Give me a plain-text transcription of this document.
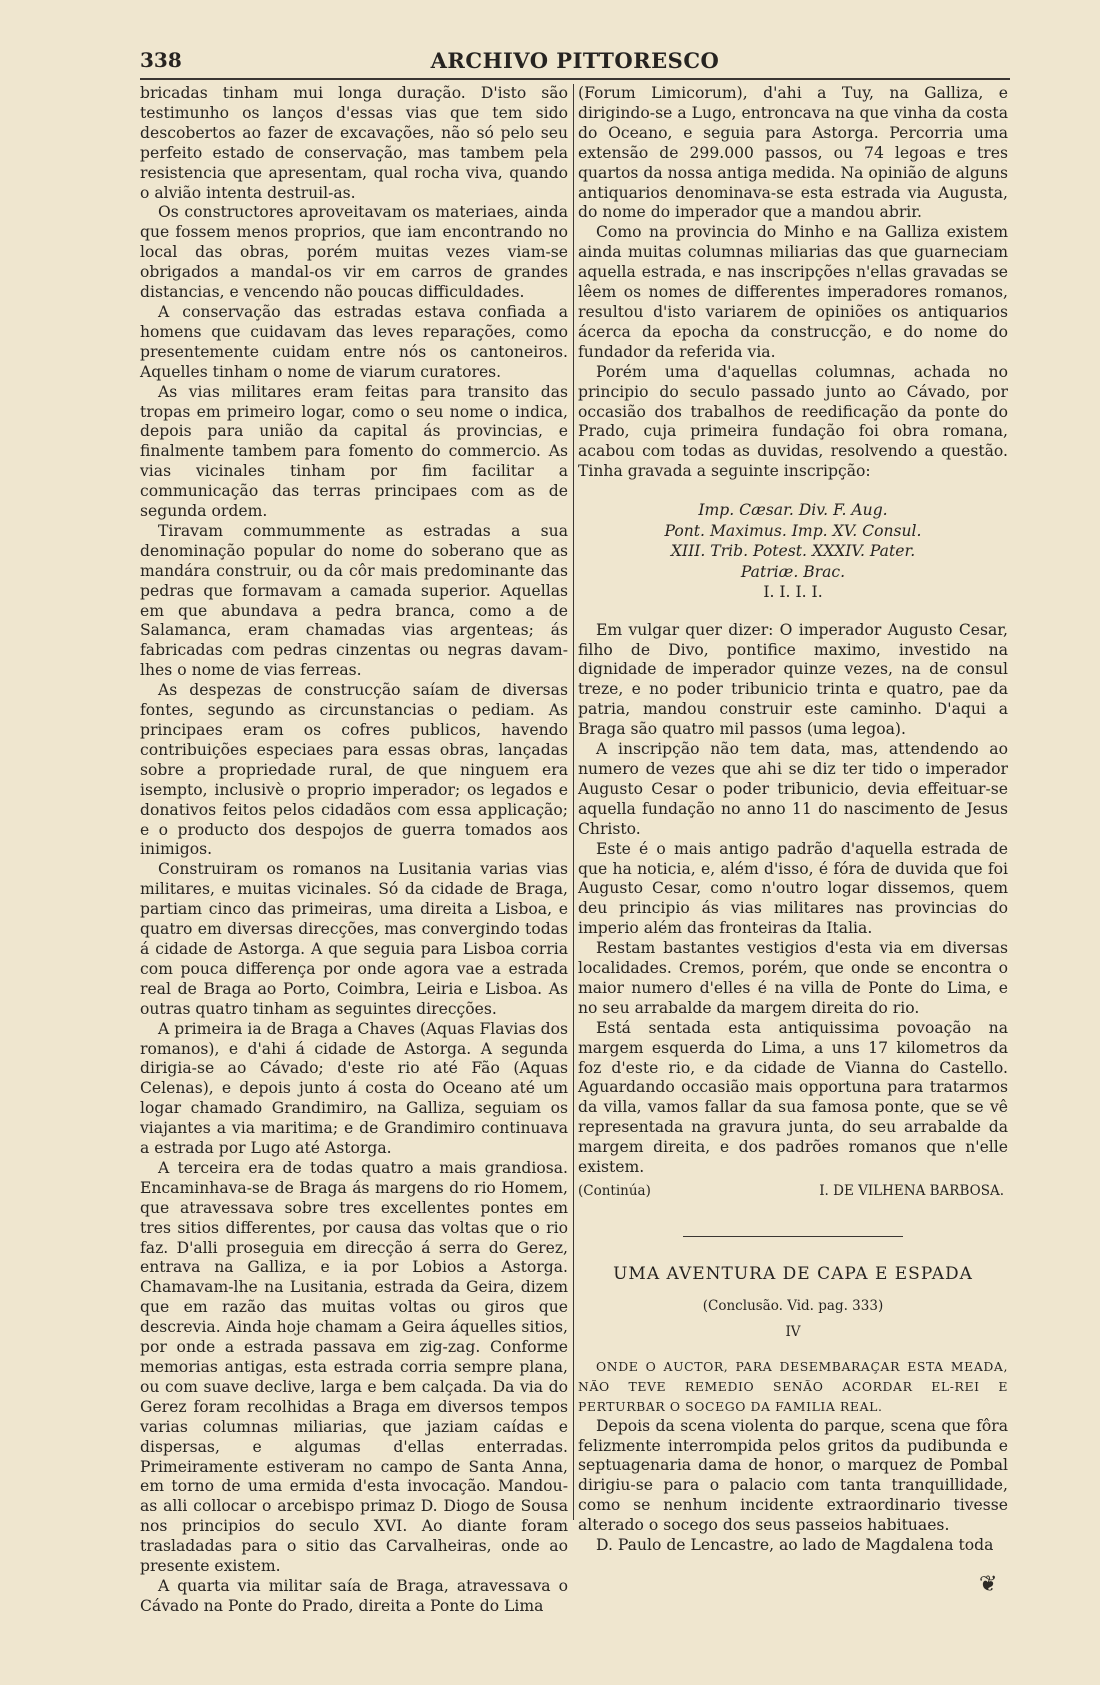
ARCHIVO PITTORESCO
338

bricadas tinham mui longa duração. D'isto são testimunho os lanços d'essas vias que tem sido descobertos ao fazer de excavações, não só pelo seu perfeito estado de conservação, mas tambem pela resistencia que apresentam, qual rocha viva, quando o alvião intenta destruil-as.

Os constructores aproveitavam os materiaes, ainda que fossem menos proprios, que iam encontrando no local das obras, porém muitas vezes viam-se obrigados a mandal-os vir em carros de grandes distancias, e vencendo não poucas difficuldades.

A conservação das estradas estava confiada a homens que cuidavam das leves reparações, como presentemente cuidam entre nós os cantoneiros. Aquelles tinham o nome de viarum curatores.

As vias militares eram feitas para transito das tropas em primeiro logar, como o seu nome o indica, depois para união da capital ás provincias, e finalmente tambem para fomento do commercio. As vias vicinales tinham por fim facilitar a communicação das terras principaes com as de segunda ordem.

Tiravam commummente as estradas a sua denominação popular do nome do soberano que as mandára construir, ou da côr mais predominante das pedras que formavam a camada superior. Aquellas em que abundava a pedra branca, como a de Salamanca, eram chamadas vias argenteas; ás fabricadas com pedras cinzentas ou negras davam-lhes o nome de vias ferreas.

As despezas de construcção saíam de diversas fontes, segundo as circunstancias o pediam. As principaes eram os cofres publicos, havendo contribuições especiaes para essas obras, lançadas sobre a propriedade rural, de que ninguem era isempto, inclusivè o proprio imperador; os legados e donativos feitos pelos cidadãos com essa applicação; e o producto dos despojos de guerra tomados aos inimigos.

Construiram os romanos na Lusitania varias vias militares, e muitas vicinales. Só da cidade de Braga, partiam cinco das primeiras, uma direita a Lisboa, e quatro em diversas direcções, mas convergindo todas á cidade de Astorga. A que seguia para Lisboa corria com pouca differença por onde agora vae a estrada real de Braga ao Porto, Coimbra, Leiria e Lisboa. As outras quatro tinham as seguintes direcções.

A primeira ia de Braga a Chaves (Aquas Flavias dos romanos), e d'ahi á cidade de Astorga. A segunda dirigia-se ao Cávado; d'este rio até Fão (Aquas Celenas), e depois junto á costa do Oceano até um logar chamado Grandimiro, na Galliza, seguiam os viajantes a via maritima; e de Grandimiro continuava a estrada por Lugo até Astorga.

A terceira era de todas quatro a mais grandiosa. Encaminhava-se de Braga ás margens do rio Homem, que atravessava sobre tres excellentes pontes em tres sitios differentes, por causa das voltas que o rio faz. D'alli proseguia em direcção á serra do Gerez, entrava na Galliza, e ia por Lobios a Astorga. Chamavam-lhe na Lusitania, estrada da Geira, dizem que em razão das muitas voltas ou giros que descrevia. Ainda hoje chamam a Geira áquelles sitios, por onde a estrada passava em zig-zag. Conforme memorias antigas, esta estrada corria sempre plana, ou com suave declive, larga e bem calçada. Da via do Gerez foram recolhidas a Braga em diversos tempos varias columnas miliarias, que jaziam caídas e dispersas, e algumas d'ellas enterradas. Primeiramente estiveram no campo de Santa Anna, em torno de uma ermida d'esta invocação. Mandou-as alli collocar o arcebispo primaz D. Diogo de Sousa nos principios do seculo XVI. Ao diante foram trasladadas para o sitio das Carvalheiras, onde ao presente existem.

A quarta via militar saía de Braga, atravessava o Cávado na Ponte do Prado, direita a Ponte do Lima

(Forum Limicorum), d'ahi a Tuy, na Galliza, e dirigindo-se a Lugo, entroncava na que vinha da costa do Oceano, e seguia para Astorga. Percorria uma extensão de 299.000 passos, ou 74 legoas e tres quartos da nossa antiga medida. Na opinião de alguns antiquarios denominava-se esta estrada via Augusta, do nome do imperador que a mandou abrir.

Como na provincia do Minho e na Galliza existem ainda muitas columnas miliarias das que guarneciam aquella estrada, e nas inscripções n'ellas gravadas se lêem os nomes de differentes imperadores romanos, resultou d'isto variarem de opiniões os antiquarios ácerca da epocha da construcção, e do nome do fundador da referida via.

Porém uma d'aquellas columnas, achada no principio do seculo passado junto ao Cávado, por occasião dos trabalhos de reedificação da ponte do Prado, cuja primeira fundação foi obra romana, acabou com todas as duvidas, resolvendo a questão. Tinha gravada a seguinte inscripção:

Imp. Cæsar. Div. F. Aug.
Pont. Maximus. Imp. XV. Consul.
XIII. Trib. Potest. XXXIV. Pater.
Patriæ. Brac.
I. I. I. I.

Em vulgar quer dizer: O imperador Augusto Cesar, filho de Divo, pontifice maximo, investido na dignidade de imperador quinze vezes, na de consul treze, e no poder tribunicio trinta e quatro, pae da patria, mandou construir este caminho. D'aqui a Braga são quatro mil passos (uma legoa).

A inscripção não tem data, mas, attendendo ao numero de vezes que ahi se diz ter tido o imperador Augusto Cesar o poder tribunicio, devia effeituar-se aquella fundação no anno 11 do nascimento de Jesus Christo.

Este é o mais antigo padrão d'aquella estrada de que ha noticia, e, além d'isso, é fóra de duvida que foi Augusto Cesar, como n'outro logar dissemos, quem deu principio ás vias militares nas provincias do imperio além das fronteiras da Italia.

Restam bastantes vestigios d'esta via em diversas localidades. Cremos, porém, que onde se encontra o maior numero d'elles é na villa de Ponte do Lima, e no seu arrabalde da margem direita do rio.

Está sentada esta antiquissima povoação na margem esquerda do Lima, a uns 17 kilometros da foz d'este rio, e da cidade de Vianna do Castello. Aguardando occasião mais opportuna para tratarmos da villa, vamos fallar da sua famosa ponte, que se vê representada na gravura junta, do seu arrabalde da margem direita, e dos padrões romanos que n'elle existem.

(Continúa)	I. DE VILHENA BARBOSA.
UMA AVENTURA DE CAPA E ESPADA
(Conclusão. Vid. pag. 333)
IV

ONDE O AUCTOR, PARA DESEMBARAÇAR ESTA MEADA, NÃO TEVE REMEDIO SENÃO ACORDAR EL-REI E PERTURBAR O SOCEGO DA FAMILIA REAL.

Depois da scena violenta do parque, scena que fôra felizmente interrompida pelos gritos da pudibunda e septuagenaria dama de honor, o marquez de Pombal dirigiu-se para o palacio com tanta tranquillidade, como se nenhum incidente extraordinario tivesse alterado o socego dos seus passeios habituaes.

D. Paulo de Lencastre, ao lado de Magdalena toda

❦
